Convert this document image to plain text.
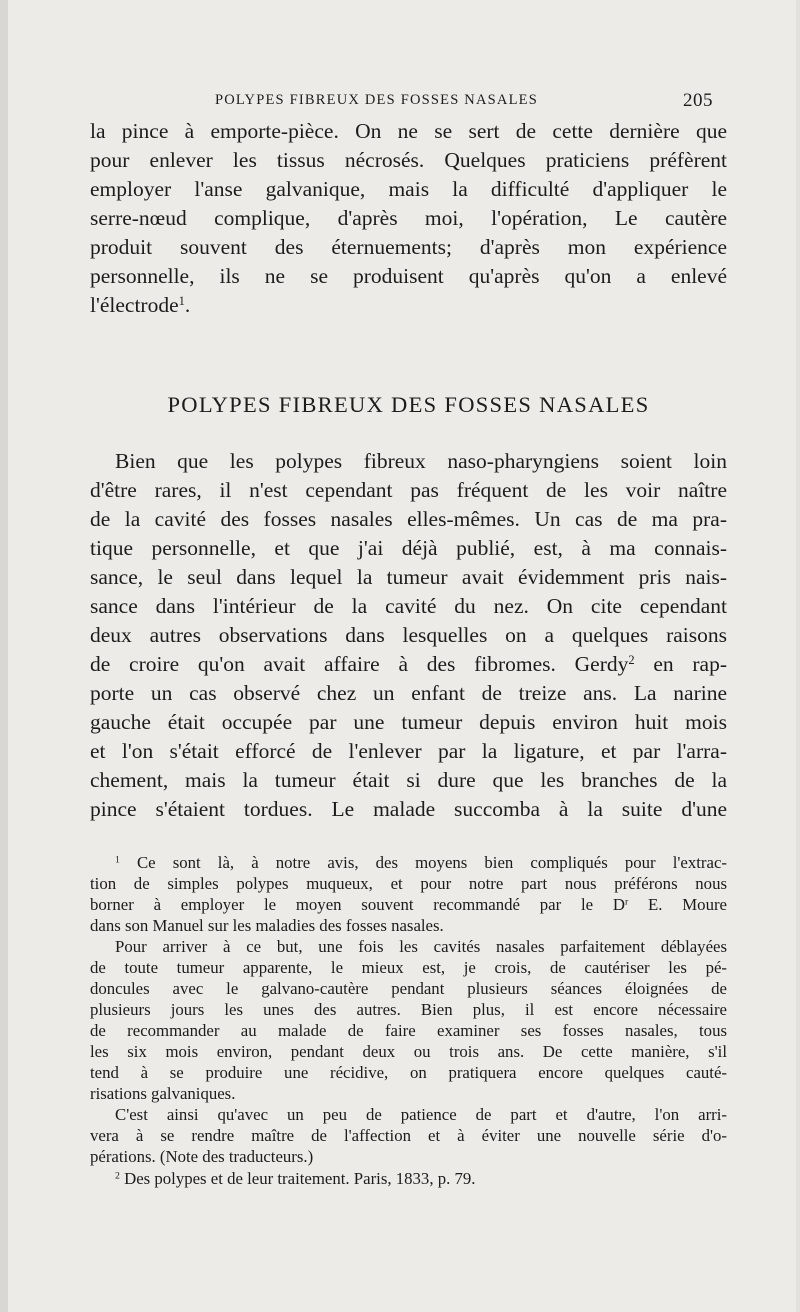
POLYPES FIBREUX DES FOSSES NASALES	205
la pince à emporte-pièce. On ne se sert de cette dernière que
pour enlever les tissus nécrosés. Quelques praticiens préfèrent
employer l'anse galvanique, mais la difficulté d'appliquer le
serre-nœud complique, d'après moi, l'opération, Le cautère
produit souvent des éternuements; d'après mon expérience
personnelle, ils ne se produisent qu'après qu'on a enlevé
l'électrode$^1$.
POLYPES FIBREUX DES FOSSES NASALES
Bien que les polypes fibreux naso-pharyngiens soient loin
d'être rares, il n'est cependant pas fréquent de les voir naître
de la cavité des fosses nasales elles-mêmes. Un cas de ma pra-
tique personnelle, et que j'ai déjà publié, est, à ma connais-
sance, le seul dans lequel la tumeur avait évidemment pris nais-
sance dans l'intérieur de la cavité du nez. On cite cependant
deux autres observations dans lesquelles on a quelques raisons
de croire qu'on avait affaire à des fibromes. Gerdy$^2$ en rap-
porte un cas observé chez un enfant de treize ans. La narine
gauche était occupée par une tumeur depuis environ huit mois
et l'on s'était efforcé de l'enlever par la ligature, et par l'arra-
chement, mais la tumeur était si dure que les branches de la
pince s'étaient tordues. Le malade succomba à la suite d'une
$^1$ Ce sont là, à notre avis, des moyens bien compliqués pour l'extrac-
tion de simples polypes muqueux, et pour notre part nous préférons nous
borner à employer le moyen souvent recommandé par le $D^r$ E. Moure
dans son Manuel sur les maladies des fosses nasales.
Pour arriver à ce but, une fois les cavités nasales parfaitement déblayées
de toute tumeur apparente, le mieux est, je crois, de cautériser les pé-
doncules avec le galvano-cautère pendant plusieurs séances éloignées de
plusieurs jours les unes des autres. Bien plus, il est encore nécessaire
de recommander au malade de faire examiner ses fosses nasales, tous
les six mois environ, pendant deux ou trois ans. De cette manière, s'il
tend à se produire une récidive, on pratiquera encore quelques cauté-
risations galvaniques.
C'est ainsi qu'avec un peu de patience de part et d'autre, l'on arri-
vera à se rendre maître de l'affection et à éviter une nouvelle série d'o-
pérations. (Note des traducteurs.)
$^2$ Des polypes et de leur traitement. Paris, 1833, p. 79.
